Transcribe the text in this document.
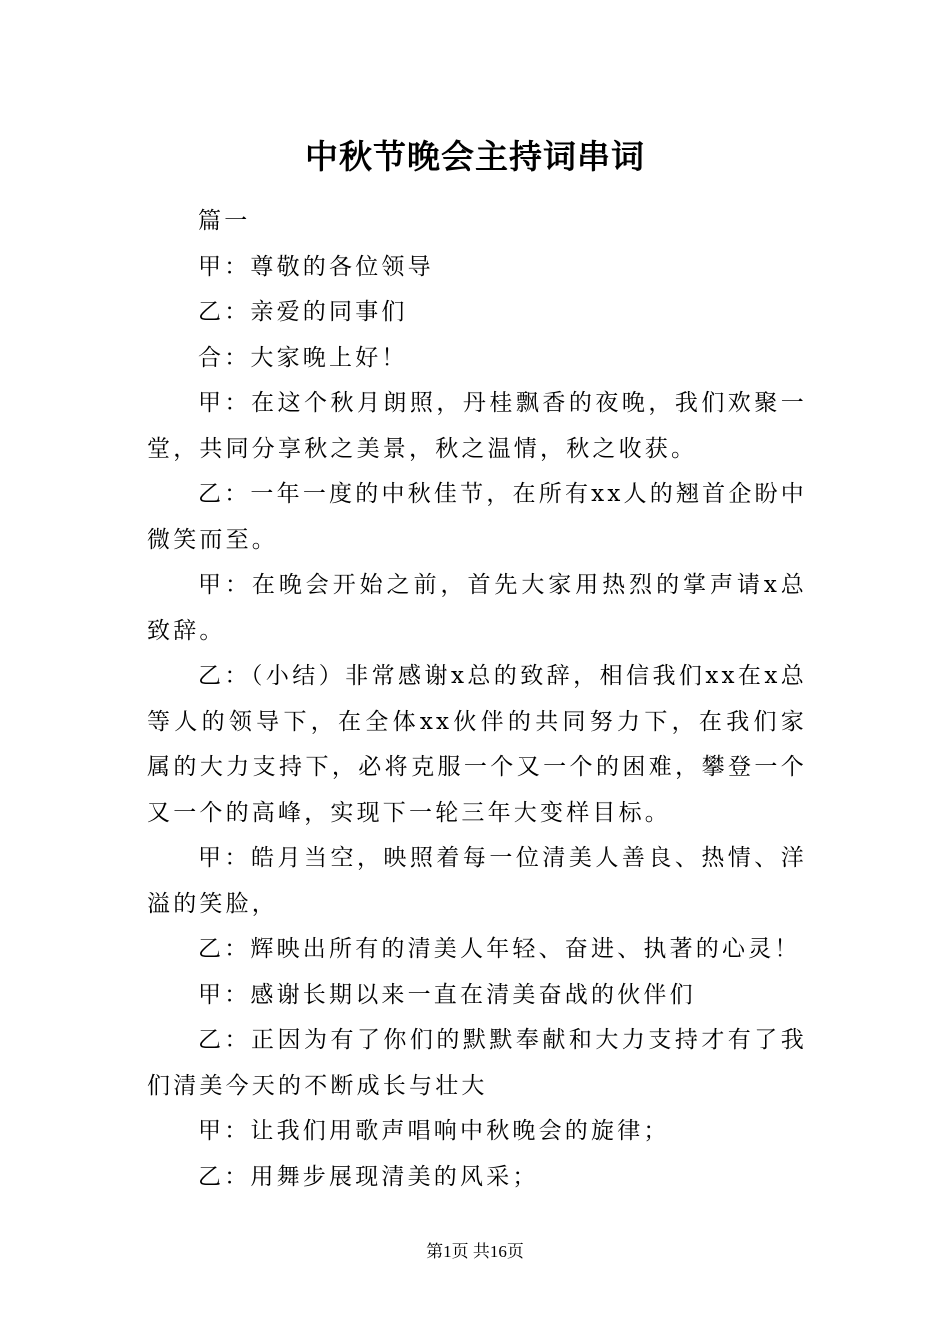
中秋节晚会主持词串词

篇一

甲：尊敬的各位领导

乙：亲爱的同事们

合：大家晚上好！

甲：在这个秋月朗照，丹桂飘香的夜晚，我们欢聚一堂，共同分享秋之美景，秋之温情，秋之收获。

乙：一年一度的中秋佳节，在所有xx人的翘首企盼中微笑而至。

甲：在晚会开始之前，首先大家用热烈的掌声请x总致辞。

乙：（小结）非常感谢x总的致辞，相信我们xx在x总等人的领导下，在全体xx伙伴的共同努力下，在我们家属的大力支持下，必将克服一个又一个的困难，攀登一个又一个的高峰，实现下一轮三年大变样目标。

甲：皓月当空，映照着每一位清美人善良、热情、洋溢的笑脸，

乙：辉映出所有的清美人年轻、奋进、执著的心灵！

甲：感谢长期以来一直在清美奋战的伙伴们

乙：正因为有了你们的默默奉献和大力支持才有了我们清美今天的不断成长与壮大

甲：让我们用歌声唱响中秋晚会的旋律；

乙：用舞步展现清美的风采；

第1页 共16页
